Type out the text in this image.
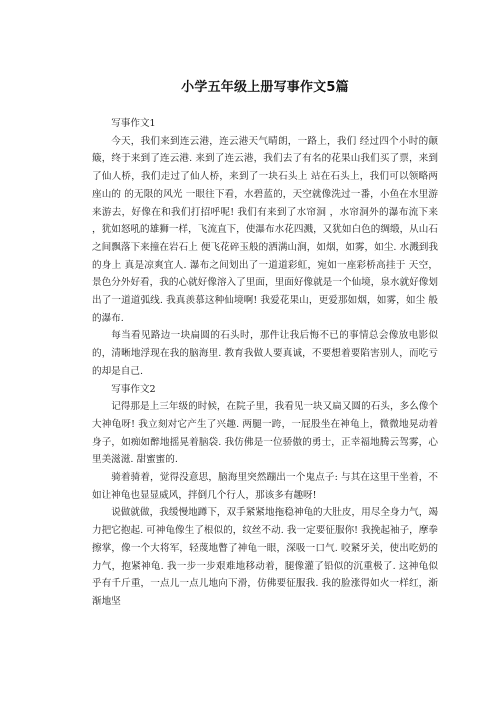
小学五年级上册写事作文5篇

写事作文1

今天，我们来到连云港，连云港天气晴朗，一路上，我们 经过四个小时的颠簸，终于来到了连云港. 来到了连云港，我们去了有名的花果山我们买了票，来到了仙人桥，我们走过了仙人桥，来到了一块石头上 站在石头上，我们可以领略两座山的 的无限的风光 一眼往下看，水碧蓝的，天空就像洗过一番，小鱼在水里游来游去，好像在和我们打招呼呢! 我们有来到了水帘洞 ，水帘洞外的瀑布流下来 ，犹如怒吼的雄狮一样，飞流直下，使瀑布水花四溅，又犹如白色的绸缎，从山石之间飘落下来撞在岩石上 便飞花碎玉般的洒满山涧，如烟，如雾，如尘. 水溅到我的身上 真是凉爽宜人. 瀑布之间划出了一道道彩虹，宛如一座彩桥高挂于 天空，景色分外好看，我的心就好像溶入了里面，里面好像就是一个仙境，泉水就好像划出了一道道弧线. 我真羡慕这种仙境啊! 我爱花果山，更爱那如烟，如雾，如尘 般的瀑布.

每当看见路边一块扁圆的石头时，那件让我后悔不已的事情总会像放电影似的，清晰地浮现在我的脑海里. 教育我做人要真诚，不要想着要陷害别人，而吃亏的却是自己.

写事作文2

记得那是上三年级的时候，在院子里，我看见一块又扁又圆的石头，多么像个大神龟呀! 我立刻对它产生了兴趣. 两腿一跨，一屁股坐在神龟上，微微地晃动着身子，如痴如醉地摇晃着脑袋. 我仿佛是一位骄傲的勇士，正幸福地腾云驾雾，心里美滋滋. 甜蜜蜜的.

骑着骑着，觉得没意思，脑海里突然蹦出一个鬼点子: 与其在这里干坐着，不如让神龟也显显威风，拌倒几个行人，那该多有趣呀!

说做就做，我缓慢地蹲下，双手紧紧地拖稳神龟的大肚皮，用尽全身力气，竭力把它抱起. 可神龟像生了根似的，纹丝不动. 我一定要征服你! 我挽起袖子，摩拳擦掌，像一个大将军，轻蔑地瞥了神龟一眼，深吸一口气. 咬紧牙关，使出吃奶的力气，抱紧神龟. 我一步一步艰难地移动着，腿像灌了铅似的沉重极了. 这神龟似乎有千斤重，一点儿一点儿地向下滑，仿佛要征服我. 我的脸涨得如火一样红，渐渐地坚
